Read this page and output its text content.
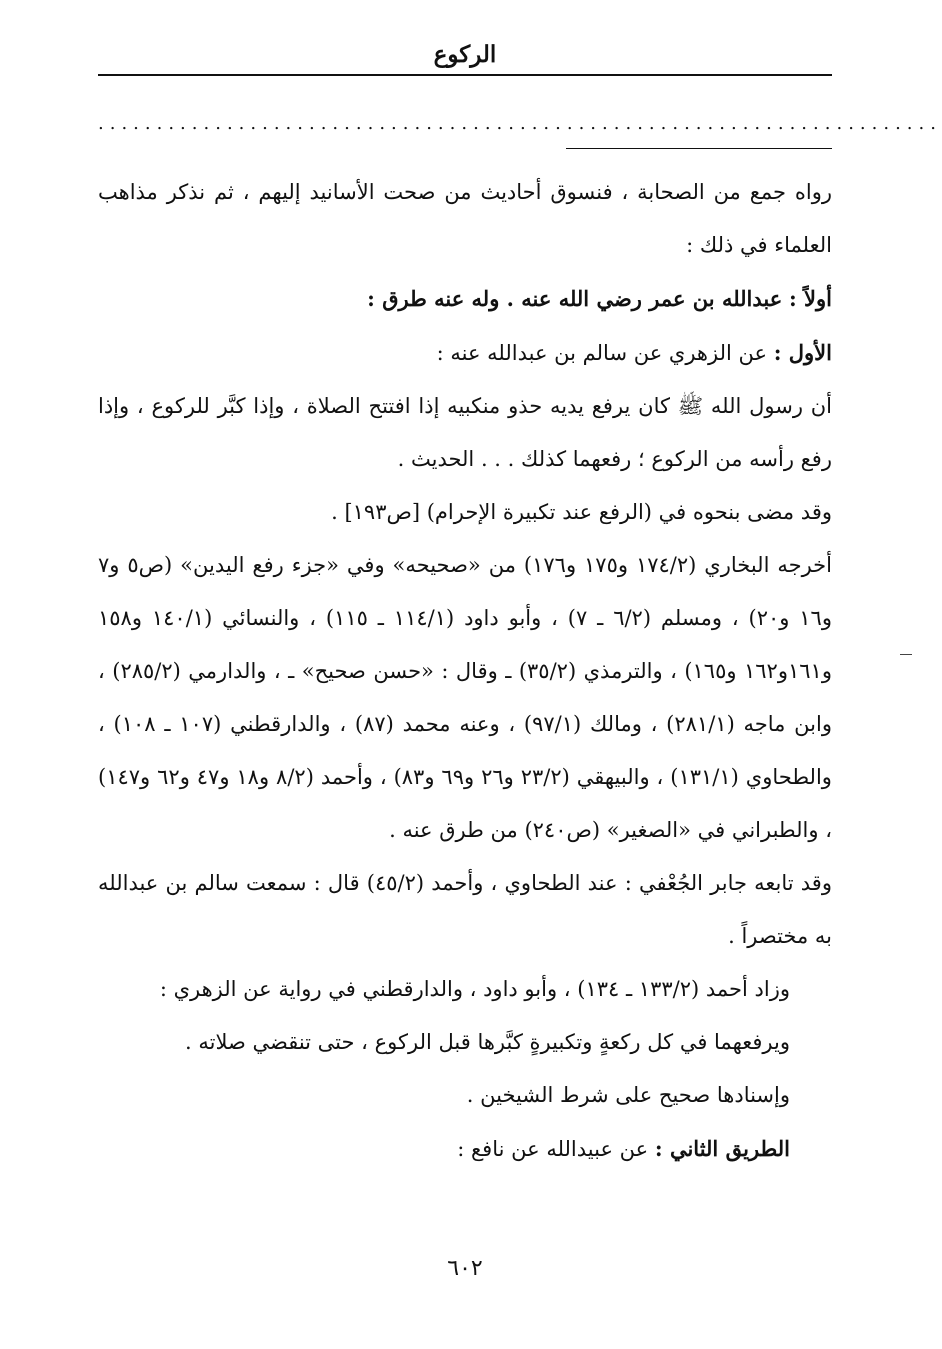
الركوع
........................................................................

رواه جمع من الصحابة ، فنسوق أحاديث من صحت الأسانيد إليهم ، ثم نذكر مذاهب العلماء في ذلك :

أولاً : عبدالله بن عمر رضي الله عنه . وله عنه طرق :

الأول : عن الزهري عن سالم بن عبدالله عنه :

أن رسول الله ﷺ كان يرفع يديه حذو منكبيه إذا افتتح الصلاة ، وإذا كبَّر للركوع ، وإذا رفع رأسه من الركوع ؛ رفعهما كذلك . . . الحديث .

وقد مضى بنحوه في (الرفع عند تكبيرة الإحرام) [ص١٩٣] .

أخرجه البخاري (١٧٤/٢ و١٧٥ و١٧٦) من «صحيحه» وفي «جزء رفع اليدين» (ص٥ و٧ و١٦ و٢٠) ، ومسلم (٦/٢ ـ ٧) ، وأبو داود (١١٤/١ ـ ١١٥) ، والنسائي (١٤٠/١ و١٥٨ و١٦١و١٦٢ و١٦٥) ، والترمذي (٣٥/٢) ـ وقال : «حسن صحيح» ـ ، والدارمي (٢٨٥/٢) ، وابن ماجه (٢٨١/١) ، ومالك (٩٧/١) ، وعنه محمد (٨٧) ، والدارقطني (١٠٧ ـ ١٠٨) ، والطحاوي (١٣١/١) ، والبيهقي (٢٣/٢ و٢٦ و٦٩ و٨٣) ، وأحمد (٨/٢ و١٨ و٤٧ و٦٢ و١٤٧) ، والطبراني في «الصغير» (ص٢٤٠) من طرق عنه .

وقد تابعه جابر الجُعْفي : عند الطحاوي ، وأحمد (٤٥/٢) قال : سمعت سالم بن عبدالله به مختصراً .

وزاد أحمد (١٣٣/٢ ـ ١٣٤) ، وأبو داود ، والدارقطني في رواية عن الزهري :

ويرفعهما في كل ركعةٍ وتكبيرةٍ كبَّرها قبل الركوع ، حتى تنقضي صلاته .

وإسنادها صحيح على شرط الشيخين .

الطريق الثاني : عن عبيدالله عن نافع :

٦٠٢
